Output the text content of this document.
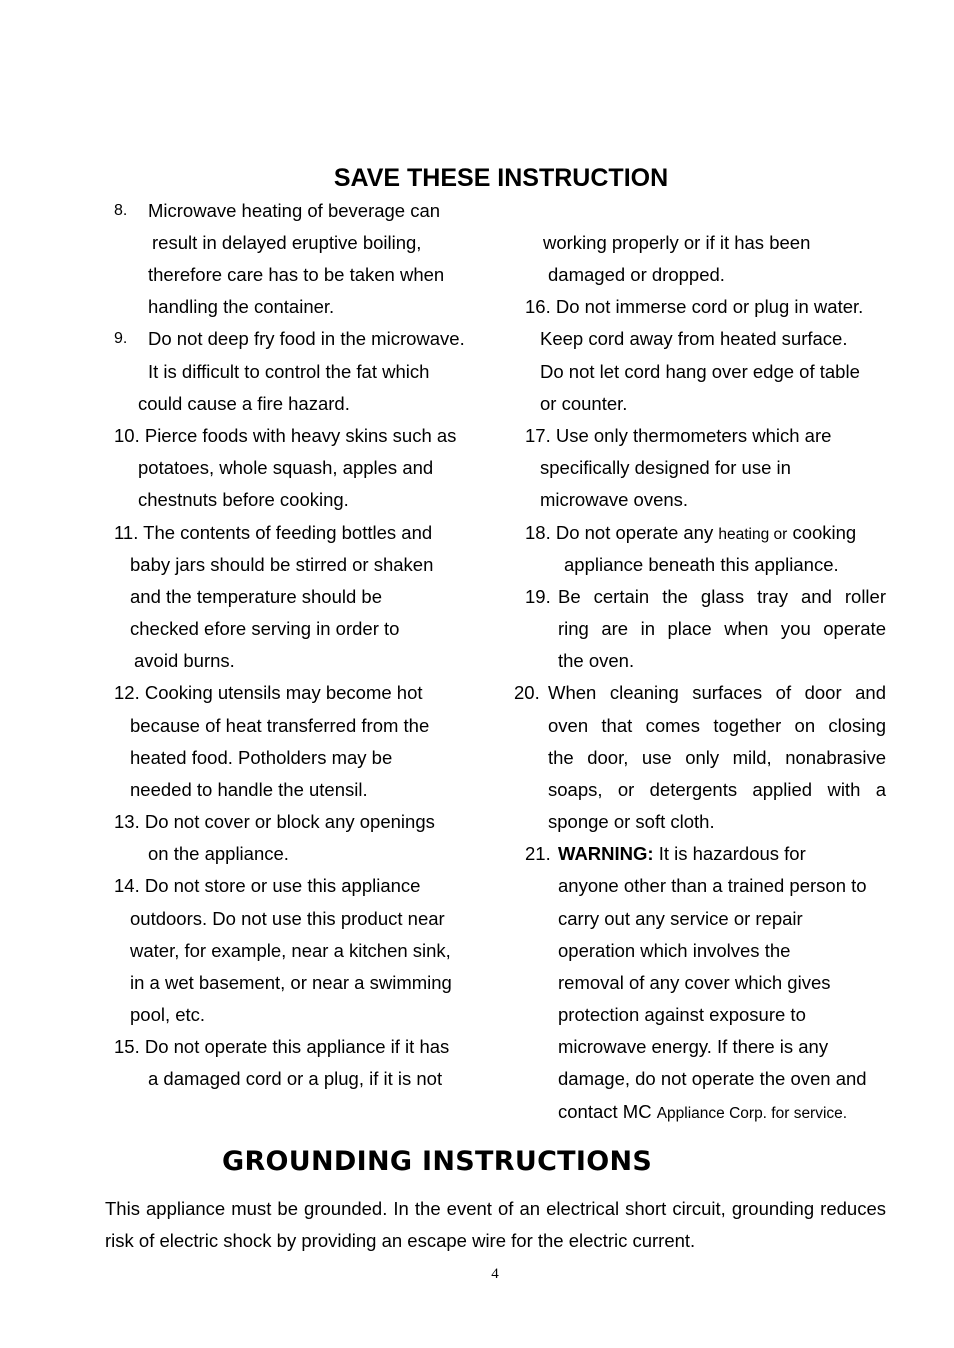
SAVE THESE INSTRUCTION
8. Microwave heating of beverage can
result in delayed eruptive boiling,
therefore care has to be taken when
handling the container.
9. Do not deep fry food in the microwave.
It is difficult to control the fat which
could cause a fire hazard.
10. Pierce foods with heavy skins such as
potatoes, whole squash, apples and
chestnuts before cooking.
11. The contents of feeding bottles and
baby jars should be stirred or shaken
and the temperature should be
checked efore serving in order to
avoid burns.
12. Cooking utensils may become hot
because of heat transferred from the
heated food. Potholders may be
needed to handle the utensil.
13. Do not cover or block any openings
on the appliance.
14. Do not store or use this appliance
outdoors. Do not use this product near
water, for example, near a kitchen sink,
in a wet basement, or near a swimming
pool, etc.
15. Do not operate this appliance if it has
a damaged cord or a plug, if it is not
working properly or if it has been
damaged or dropped.
16. Do not immerse cord or plug in water.
Keep cord away from heated surface.
Do not let cord hang over edge of table
or counter.
17. Use only thermometers which are
specifically designed for use in
microwave ovens.
appliance beneath this appliance.
19. Be certain the glass tray and roller
ring are in place when you operate
the oven.
20. When cleaning surfaces of door and
oven that comes together on closing
the door, use only mild, nonabrasive
soaps, or detergents applied with a
sponge or soft cloth.
anyone other than a trained person to
carry out any service or repair
operation which involves the
removal of any cover which gives
protection against exposure to
microwave energy. If there is any
damage, do not operate the oven and
18. Do not operate any heating or cooking
21. WARNING: It is hazardous for
contact MC Appliance Corp. for service.
GROUNDING INSTRUCTIONS
This appliance must be grounded. In the event of an electrical short circuit, grounding reduces risk of electric shock by providing an escape wire for the electric current.
4
